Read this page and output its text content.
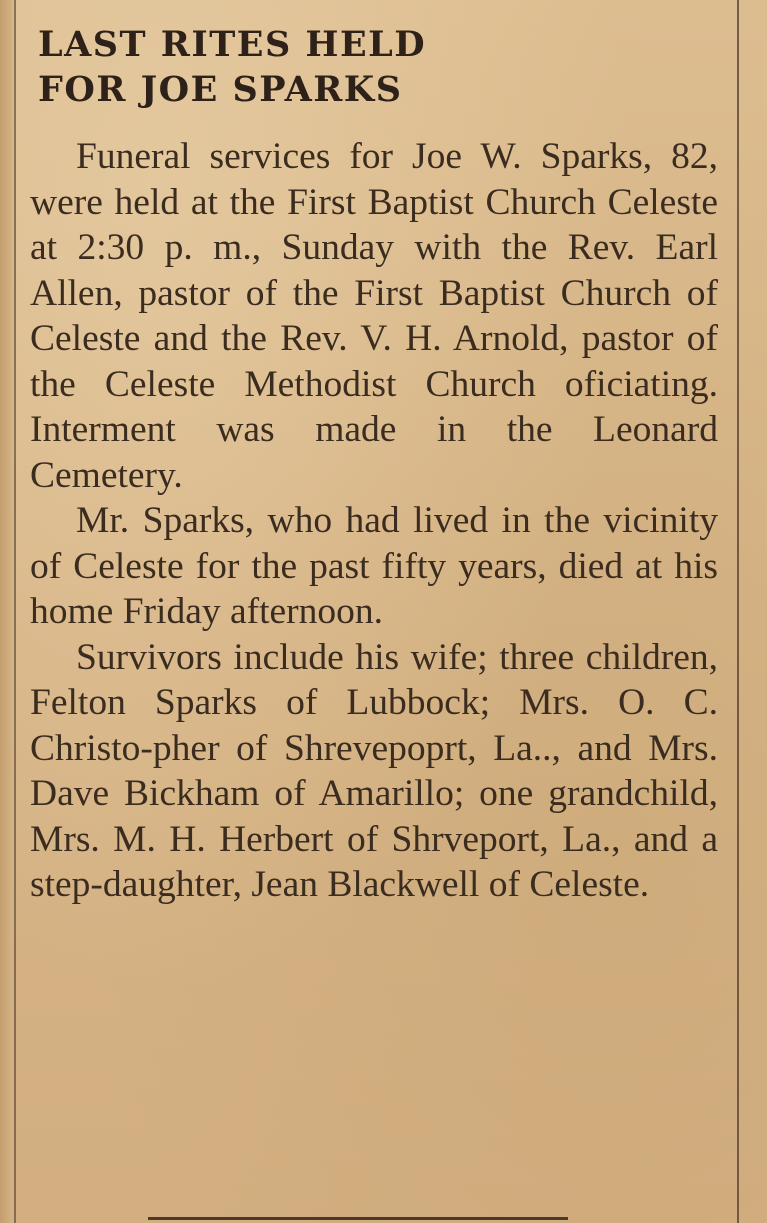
LAST RITES HELD
FOR JOE SPARKS

Funeral services for Joe W. Sparks, 82, were held at the First Baptist Church Celeste at 2:30 p. m., Sunday with the Rev. Earl Allen, pastor of the First Baptist Church of Celeste and the Rev. V. H. Arnold, pastor of the Celeste Methodist Church oficiating. Interment was made in the Leonard Cemetery.

Mr. Sparks, who had lived in the vicinity of Celeste for the past fifty years, died at his home Friday afternoon.

Survivors include his wife; three children, Felton Sparks of Lubbock; Mrs. O. C. Christo-pher of Shrevepoprt, La.., and Mrs. Dave Bickham of Amarillo; one grandchild, Mrs. M. H. Herbert of Shrveport, La., and a step-daughter, Jean Blackwell of Celeste.
